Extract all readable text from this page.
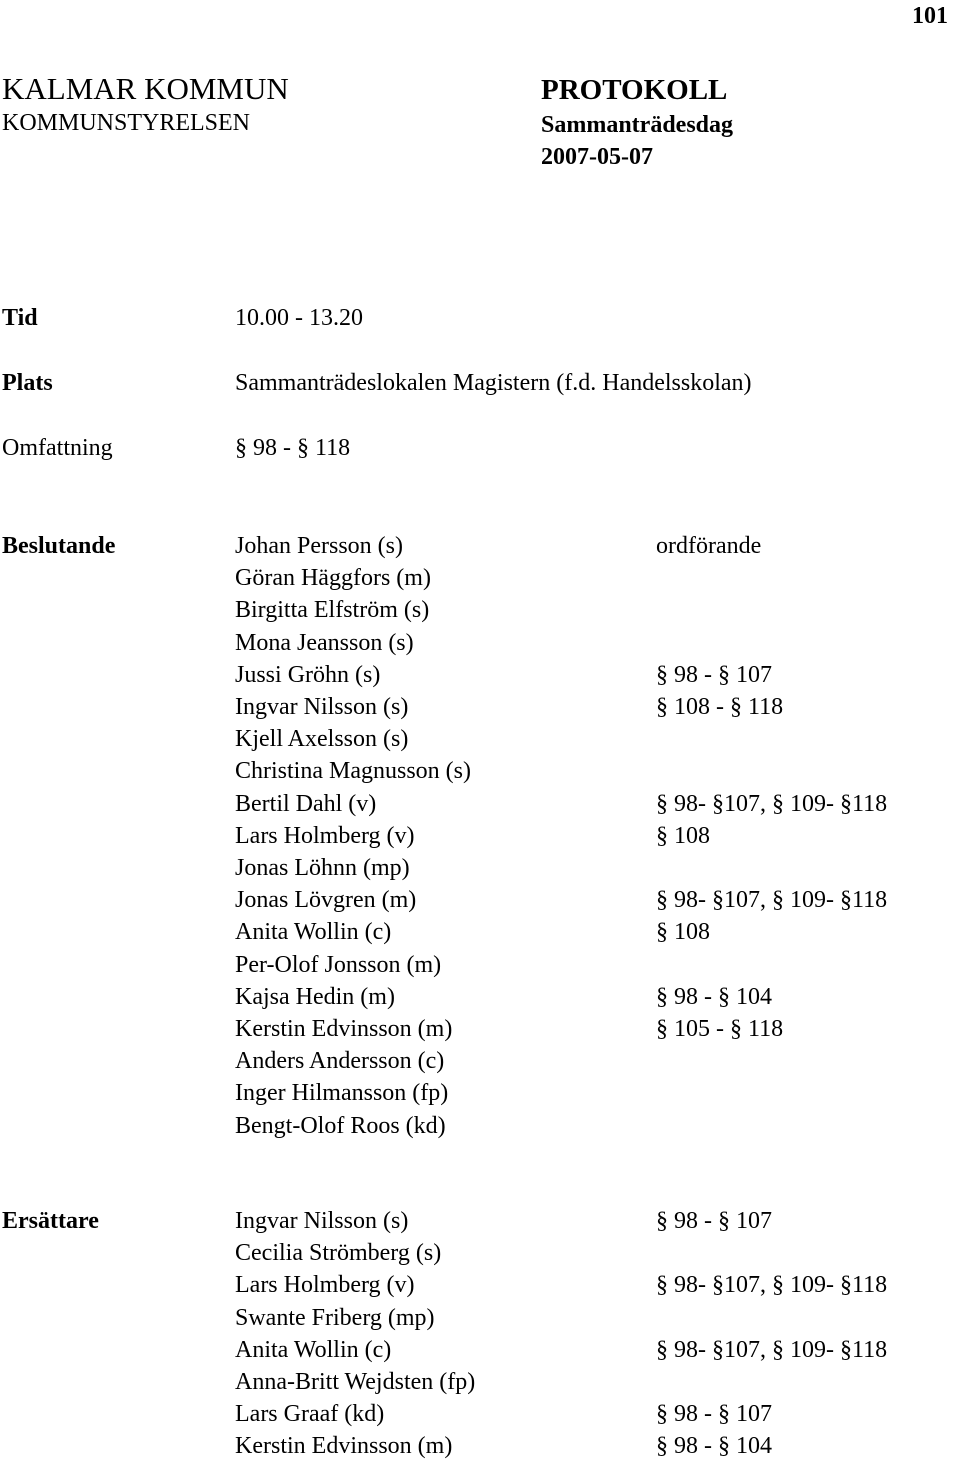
101
KALMAR KOMMUN
KOMMUNSTYRELSEN
PROTOKOLL
Sammanträdesdag
2007-05-07
Tid	10.00 - 13.20
Plats	Sammanträdeslokalen Magistern (f.d. Handelsskolan)
Omfattning	§ 98 - § 118
Beslutande	Johan Persson (s)	ordförande
Göran Häggfors (m)
Birgitta Elfström (s)
Mona Jeansson (s)
Jussi Gröhn (s)	§ 98 - § 107
Ingvar Nilsson (s)	§ 108 - § 118
Kjell Axelsson (s)
Christina Magnusson (s)
Bertil Dahl (v)	§ 98- §107, § 109- §118
Lars Holmberg (v)	§ 108
Jonas Löhnn (mp)
Jonas Lövgren (m)	§ 98- §107, § 109- §118
Anita Wollin (c)	§ 108
Per-Olof Jonsson (m)
Kajsa Hedin (m)	§ 98 - § 104
Kerstin Edvinsson (m)	§ 105 - § 118
Anders Andersson (c)
Inger Hilmansson (fp)
Bengt-Olof Roos (kd)
Ersättare	Ingvar Nilsson (s)	§ 98 - § 107
Cecilia Strömberg (s)
Lars Holmberg (v)	§ 98- §107, § 109- §118
Swante Friberg (mp)
Anita Wollin (c)	§ 98- §107, § 109- §118
Anna-Britt Wejdsten (fp)
Lars Graaf (kd)	§ 98 - § 107
Kerstin Edvinsson (m)	§ 98 - § 104
